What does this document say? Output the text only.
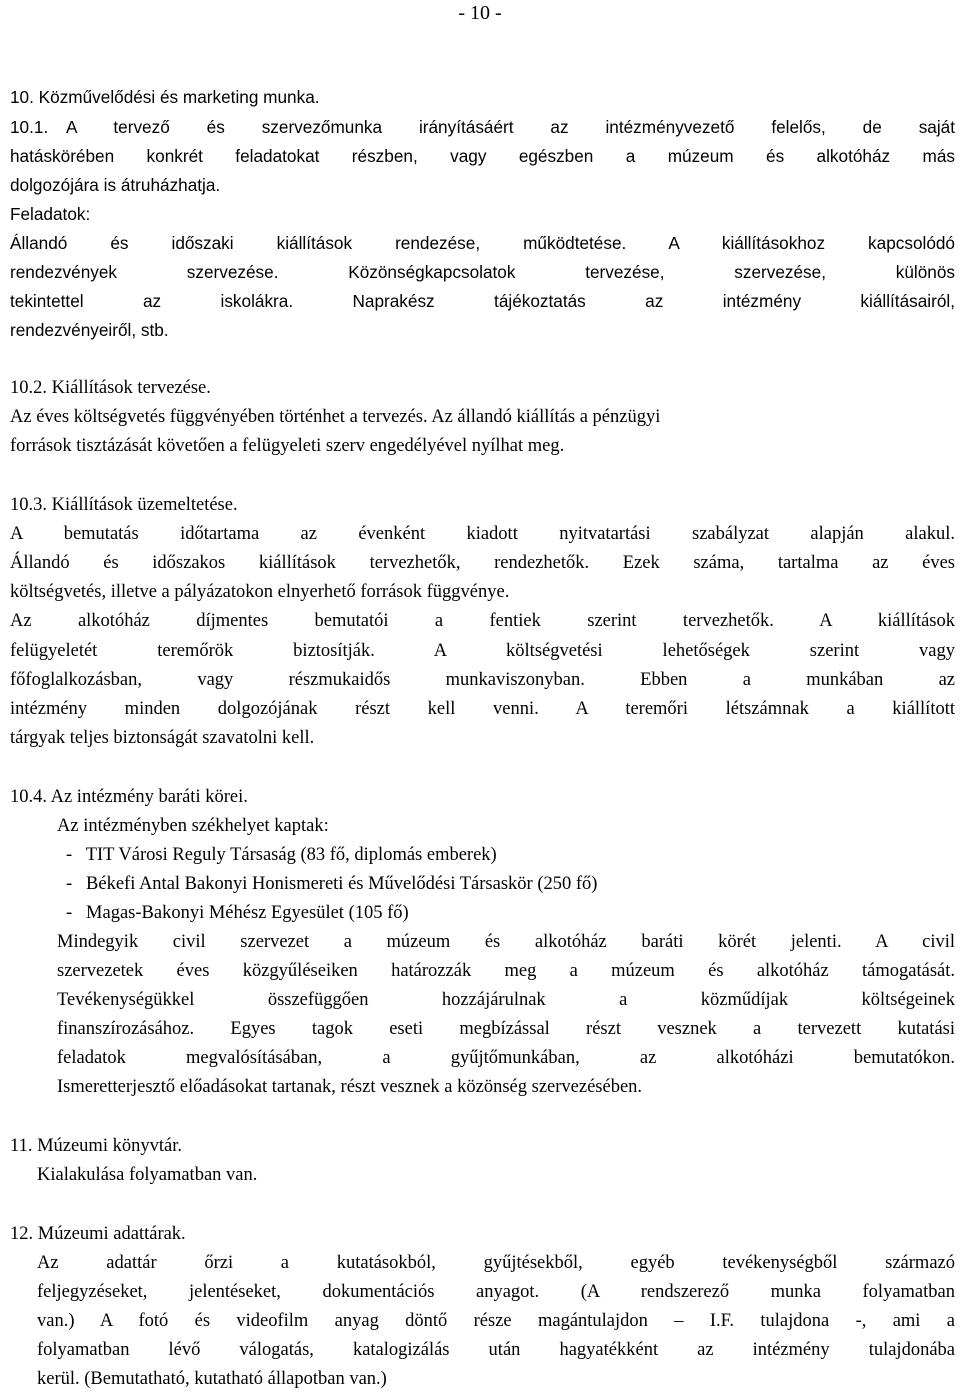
- 10 -
10. Közművelődési és marketing munka.
10.1. A tervező és szervezőmunka irányításáért az intézményvezető felelős, de saját
hatáskörében konkrét feladatokat részben, vagy egészben a múzeum és alkotóház más
dolgozójára is átruházhatja.
Feladatok:
Állandó és időszaki kiállítások rendezése, működtetése. A kiállításokhoz kapcsolódó
rendezvények szervezése. Közönségkapcsolatok tervezése, szervezése, különös
tekintettel az iskolákra. Naprakész tájékoztatás az intézmény kiállításairól,
rendezvényeiről, stb.
10.2. Kiállítások tervezése.
Az éves költségvetés függvényében történhet a tervezés. Az állandó kiállítás a pénzügyi
források tisztázását követően a felügyeleti szerv engedélyével nyílhat meg.
10.3. Kiállítások üzemeltetése.
A bemutatás időtartama az évenként kiadott nyitvatartási szabályzat alapján alakul.
Állandó és időszakos kiállítások tervezhetők, rendezhetők. Ezek száma, tartalma az éves
költségvetés, illetve a pályázatokon elnyerhető források függvénye.
Az alkotóház díjmentes bemutatói a fentiek szerint tervezhetők. A kiállítások
felügyeletét teremőrök biztosítják. A költségvetési lehetőségek szerint vagy
főfoglalkozásban, vagy részmukaidős munkaviszonyban. Ebben a munkában az
intézmény minden dolgozójának részt kell venni. A teremőri létszámnak a kiállított
tárgyak teljes biztonságát szavatolni kell.
10.4. Az intézmény baráti körei.
Az intézményben székhelyet kaptak:
-   TIT Városi Reguly Társaság (83 fő, diplomás emberek)
-   Békefi Antal Bakonyi Honismereti és Művelődési Társaskör (250 fő)
-   Magas-Bakonyi Méhész Egyesület (105 fő)
Mindegyik civil szervezet a múzeum és alkotóház baráti körét jelenti. A civil
szervezetek éves közgyűléseiken határozzák meg a múzeum és alkotóház támogatását.
Tevékenységükkel összefüggően hozzájárulnak a közműdíjak költségeinek
finanszírozásához. Egyes tagok eseti megbízással részt vesznek a tervezett kutatási
feladatok megvalósításában, a gyűjtőmunkában, az alkotóházi bemutatókon.
Ismeretterjesztő előadásokat tartanak, részt vesznek a közönség szervezésében.
11. Múzeumi könyvtár.
Kialakulása folyamatban van.
12. Múzeumi adattárak.
Az adattár őrzi a kutatásokból, gyűjtésekből, egyéb tevékenységből származó
feljegyzéseket, jelentéseket, dokumentációs anyagot. (A rendszerező munka folyamatban
van.) A fotó és videofilm anyag döntő része magántulajdon – I.F. tulajdona -, ami a
folyamatban lévő válogatás, katalogizálás után hagyatékként az intézmény tulajdonába
kerül. (Bemutatható, kutatható állapotban van.)
